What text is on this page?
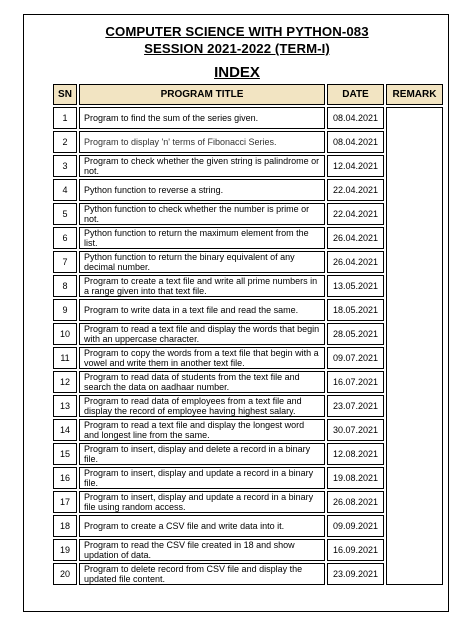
COMPUTER SCIENCE WITH PYTHON-083
SESSION 2021-2022 (TERM-I)
INDEX
SN	PROGRAM TITLE	DATE	REMARK
1	Program to find the sum of the series given.	08.04.2021	
2	Program to display 'n' terms of Fibonacci Series.	08.04.2021	
3	Program to check whether the given string is palindrome or not.	12.04.2021	
4	Python function to reverse a string.	22.04.2021	
5	Python function to check whether the number is prime or not.	22.04.2021	
6	Python function to return the maximum element from the list.	26.04.2021	
7	Python function to return the binary equivalent of any decimal number.	26.04.2021	
8	Program to create a text file and write all prime numbers in a range given into that text file.	13.05.2021	
9	Program to write data in a text file and read the same.	18.05.2021	
10	Program to read a text file and display the words that begin with an uppercase character.	28.05.2021	
11	Program to copy the words from a text file that begin with a vowel and write them in another text file.	09.07.2021	
12	Program to read data of students from the text file and search the data on aadhaar number.	16.07.2021	
13	Program to read data of employees from a text file and display the record of employee having highest salary.	23.07.2021	
14	Program to read a text file and display the longest word and longest line from the same.	30.07.2021	
15	Program to insert, display and delete a record in a binary file.	12.08.2021	
16	Program to insert, display and update a record in a binary file.	19.08.2021	
17	Program to insert, display and update a record in a binary file using random access.	26.08.2021	
18	Program to create a CSV file and write data into it.	09.09.2021	
19	Program to read the CSV file created in 18 and show updation of data.	16.09.2021	
20	Program to delete record from CSV file and display the updated file content.	23.09.2021	
